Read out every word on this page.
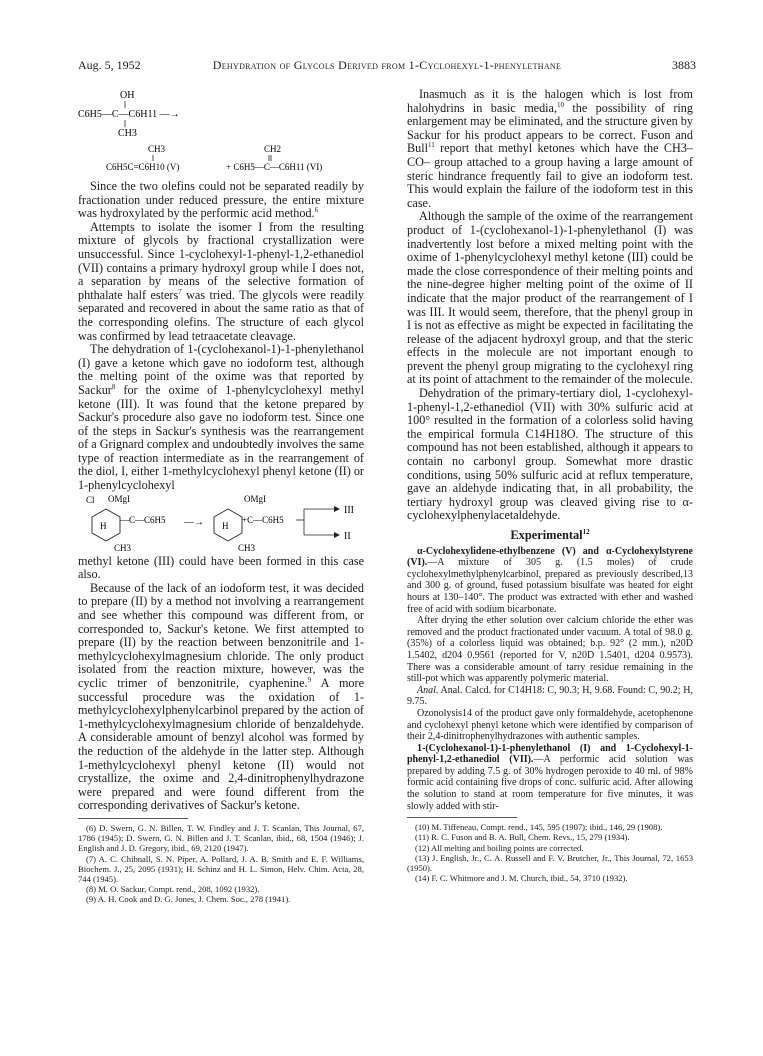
Aug. 5, 1952	Dehydration of Glycols Derived from 1-Cyclohexyl-1-phenylethane	3883
OH
C6H5—C—C6H11 —→
CH3
CH3	CH2
C6H5C=C6H10 (V)	+ C6H5—C—C6H11 (VI)

Since the two olefins could not be separated readily by fractionation under reduced pressure, the entire mixture was hydroxylated by the performic acid method.$^6$

Attempts to isolate the isomer I from the resulting mixture of glycols by fractional crystallization were unsuccessful. Since 1-cyclohexyl-1-phenyl-1,2-ethanediol (VII) contains a primary hydroxyl group while I does not, a separation by means of the selective formation of phthalate half esters$^7$ was tried. The glycols were readily separated and recovered in about the same ratio as that of the corresponding olefins. The structure of each glycol was confirmed by lead tetraacetate cleavage.

The dehydration of 1-(cyclohexanol-1)-1-phenylethanol (I) gave a ketone which gave no iodoform test, although the melting point of the oxime was that reported by Sackur$^8$ for the oxime of 1-phenylcyclohexyl methyl ketone (III). It was found that the ketone prepared by Sackur's procedure also gave no iodoform test. Since one of the steps in Sackur's synthesis was the rearrangement of a Grignard complex and undoubtedly involves the same type of reaction intermediate as in the rearrangement of the diol, I, either 1-methylcyclohexyl phenyl ketone (II) or 1-phenylcyclohexyl

Cl OMgI
H
—C—C6H5
CH3
—→
OMgI
H
+C—C6H5
CH3
III
II

methyl ketone (III) could have been formed in this case also.

Because of the lack of an iodoform test, it was decided to prepare (II) by a method not involving a rearrangement and see whether this compound was different from, or corresponded to, Sackur's ketone. We first attempted to prepare (II) by the reaction between benzonitrile and 1-methylcyclohexylmagnesium chloride. The only product isolated from the reaction mixture, however, was the cyclic trimer of benzonitrile, cyaphenine.$^9$ A more successful procedure was the oxidation of 1-methylcyclohexylphenylcarbinol prepared by the action of 1-methylcyclohexylmagnesium chloride of benzaldehyde. A considerable amount of benzyl alcohol was formed by the reduction of the aldehyde in the latter step. Although 1-methylcyclohexyl phenyl ketone (II) would not crystallize, the oxime and 2,4-dinitrophenylhydrazone were prepared and were found different from the corresponding derivatives of Sackur's ketone.

(6) D. Swern, G. N. Billen, T. W. Findley and J. T. Scanlan, This Journal, 67, 1786 (1945); D. Swern, G. N. Billen and J. T. Scanlan, ibid., 68, 1504 (1946); J. English and J. D. Gregory, ibid., 69, 2120 (1947).

(7) A. C. Chibnall, S. N. Piper, A. Pollard, J. A. B. Smith and E. F. Williams, Biochem. J., 25, 2095 (1931); H. Schinz and H. L. Simon, Helv. Chim. Acta, 28, 744 (1945).

(8) M. O. Sackur, Compt. rend., 208, 1092 (1932).

(9) A. H. Cook and D. G. Jones, J. Chem. Soc., 278 (1941).

Inasmuch as it is the halogen which is lost from halohydrins in basic media,$^{10}$ the possibility of ring enlargement may be eliminated, and the structure given by Sackur for his product appears to be correct. Fuson and Bull$^{11}$ report that methyl ketones which have the CH3–CO– group attached to a group having a large amount of steric hindrance frequently fail to give an iodoform test. This would explain the failure of the iodoform test in this case.

Although the sample of the oxime of the rearrangement product of 1-(cyclohexanol-1)-1-phenylethanol (I) was inadvertently lost before a mixed melting point with the oxime of 1-phenylcyclohexyl methyl ketone (III) could be made the close correspondence of their melting points and the nine-degree higher melting point of the oxime of II indicate that the major product of the rearrangement of I was III. It would seem, therefore, that the phenyl group in I is not as effective as might be expected in facilitating the release of the adjacent hydroxyl group, and that the steric effects in the molecule are not important enough to prevent the phenyl group migrating to the cyclohexyl ring at its point of attachment to the remainder of the molecule.

Dehydration of the primary-tertiary diol, 1-cyclohexyl-1-phenyl-1,2-ethanediol (VII) with 30% sulfuric acid at 100° resulted in the formation of a colorless solid having the empirical formula C14H18O. The structure of this compound has not been established, although it appears to contain no carbonyl group. Somewhat more drastic conditions, using 50% sulfuric acid at reflux temperature, gave an aldehyde indicating that, in all probability, the tertiary hydroxyl group was cleaved giving rise to α-cyclohexylphenylacetaldehyde.

Experimental$^{12}$

α-Cyclohexylidene-ethylbenzene (V) and α-Cyclohexylstyrene (VI).—A mixture of 305 g. (1.5 moles) of crude cyclohexylmethylphenylcarbinol, prepared as previously described,13 and 300 g. of ground, fused potassium bisulfate was heated for eight hours at 130–140°. The product was extracted with ether and washed free of acid with sodium bicarbonate.

After drying the ether solution over calcium chloride the ether was removed and the product fractionated under vacuum. A total of 98.0 g. (35%) of a colorless liquid was obtained; b.p. 92° (2 mm.), n20D 1.5402, d204 0.9561 (reported for V, n20D 1.5401, d204 0.9573). There was a considerable amount of tarry residue remaining in the still-pot which was apparently polymeric material.

Anal. Anal. Calcd. for C14H18: C, 90.3; H, 9.68. Found: C, 90.2; H, 9.75.

Ozonolysis14 of the product gave only formaldehyde, acetophenone and cyclohexyl phenyl ketone which were identified by comparison of their 2,4-dinitrophenylhydrazones with authentic samples.

1-(Cyclohexanol-1)-1-phenylethanol (I) and 1-Cyclohexyl-1-phenyl-1,2-ethanediol (VII).—A performic acid solution was prepared by adding 7.5 g. of 30% hydrogen peroxide to 40 ml. of 98% formic acid containing five drops of conc. sulfuric acid. After allowing the solution to stand at room temperature for five minutes, it was slowly added with stir-

(10) M. Tiffeneau, Compt. rend., 145, 595 (1907); ibid., 146, 29 (1908).

(11) R. C. Fuson and B. A. Bull, Chem. Revs., 15, 279 (1934).

(12) All melting and boiling points are corrected.

(13) J. English, Jr., C. A. Russell and F. V. Brutcher, Jr., This Journal, 72, 1653 (1950).

(14) F. C. Whitmore and J. M. Church, ibid., 54, 3710 (1932).
